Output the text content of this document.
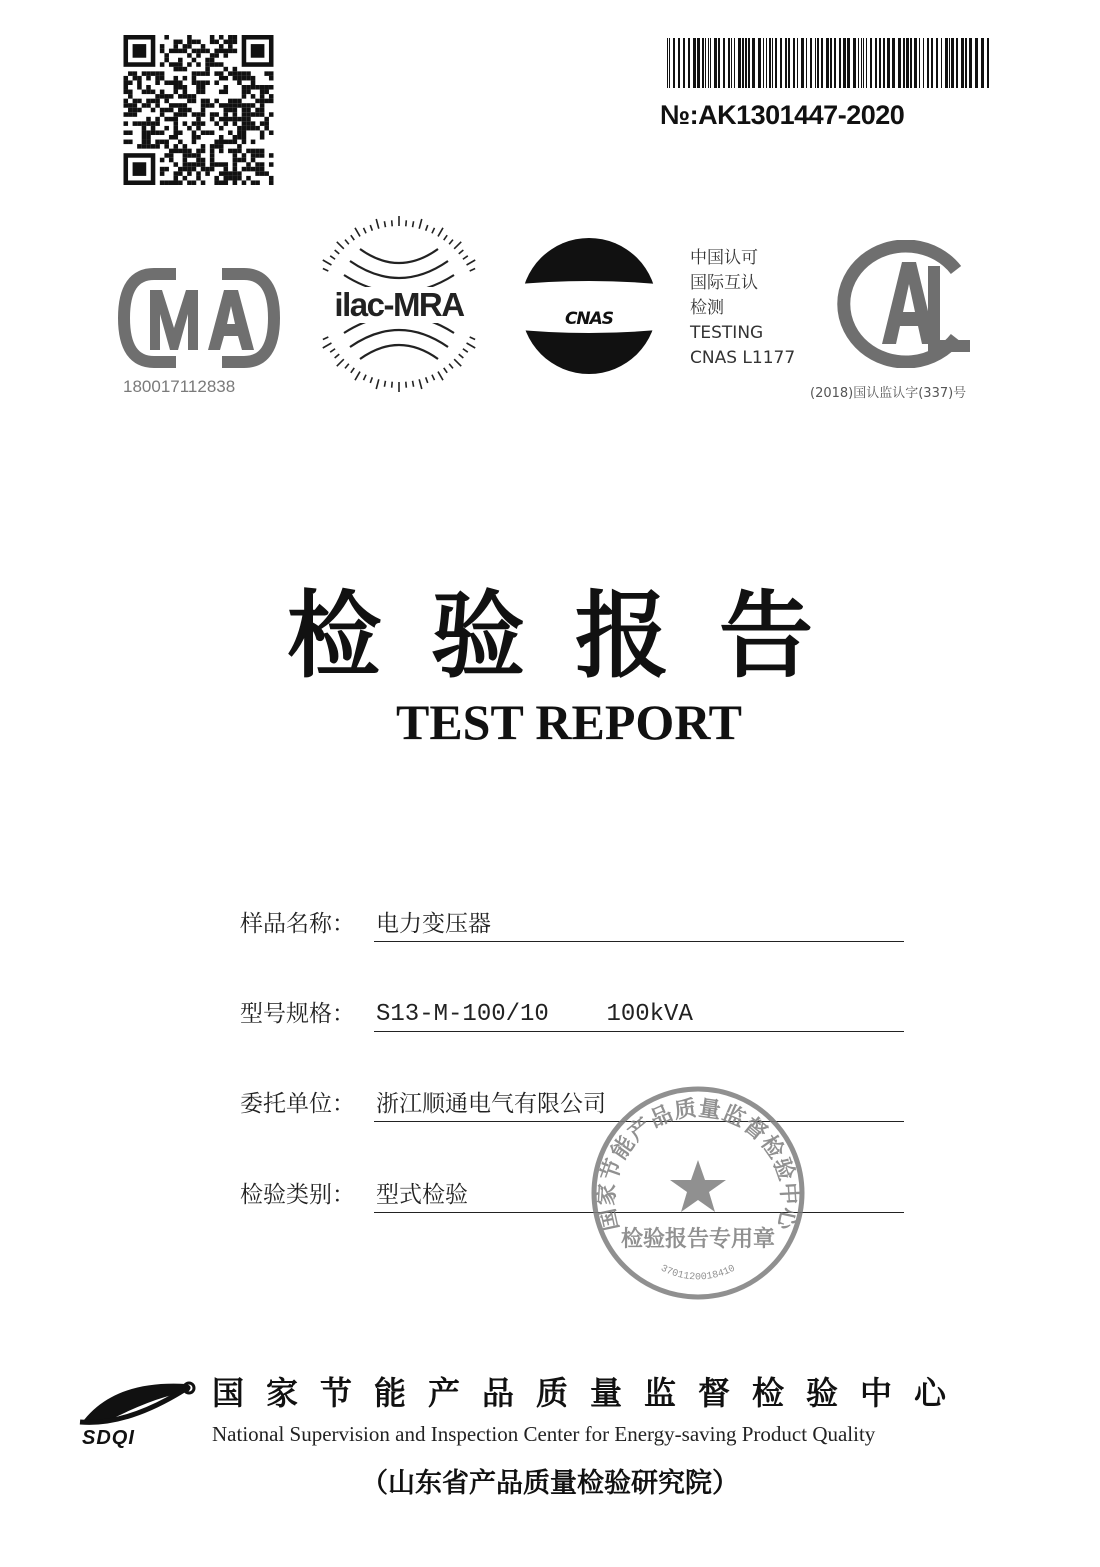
№:AK1301447-2020
180017112838
ilac-MRA	CNAS
中国认可
国际互认
检测
TESTING
CNAS L1177
(2018)国认监认字(337)号
检验报告
TEST REPORT
样品名称： 电力变压器
型号规格： S13-M-100/10    100kVA
委托单位： 浙江顺通电气有限公司
检验类别： 型式检验
国家节能产品质量监督检验中心
检验报告专用章
3701120018410
SDQI
国家节能产品质量监督检验中心
National Supervision and Inspection Center for Energy-saving Product Quality
（山东省产品质量检验研究院）
